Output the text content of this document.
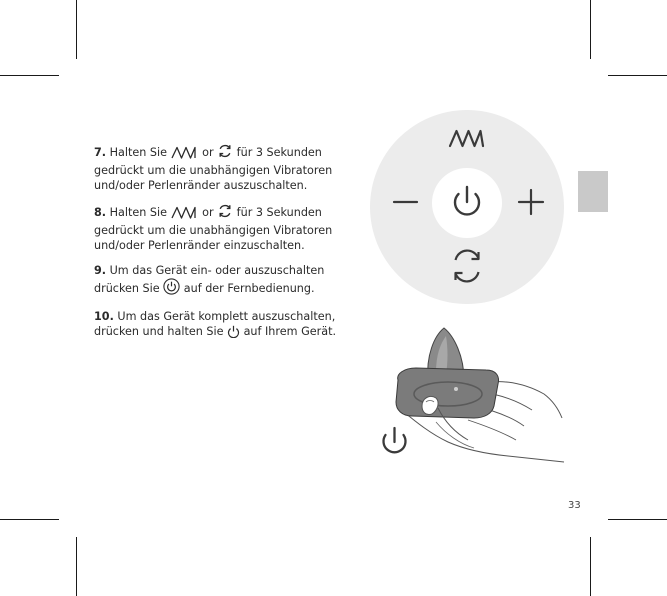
7. Halten Sie	or  für 3 Sekunden gedrückt um die unabhängigen Vibratoren und/oder Perlenränder auszuschalten.

8. Halten Sie	or  für 3 Sekunden gedrückt um die unabhängigen Vibratoren und/oder Perlenränder einzuschalten.

9. Um das Gerät ein- oder auszuschalten drücken Sie  auf der Fernbedienung.

10. Um das Gerät komplett auszuschalten, drücken und halten Sie  auf Ihrem Gerät.

33
